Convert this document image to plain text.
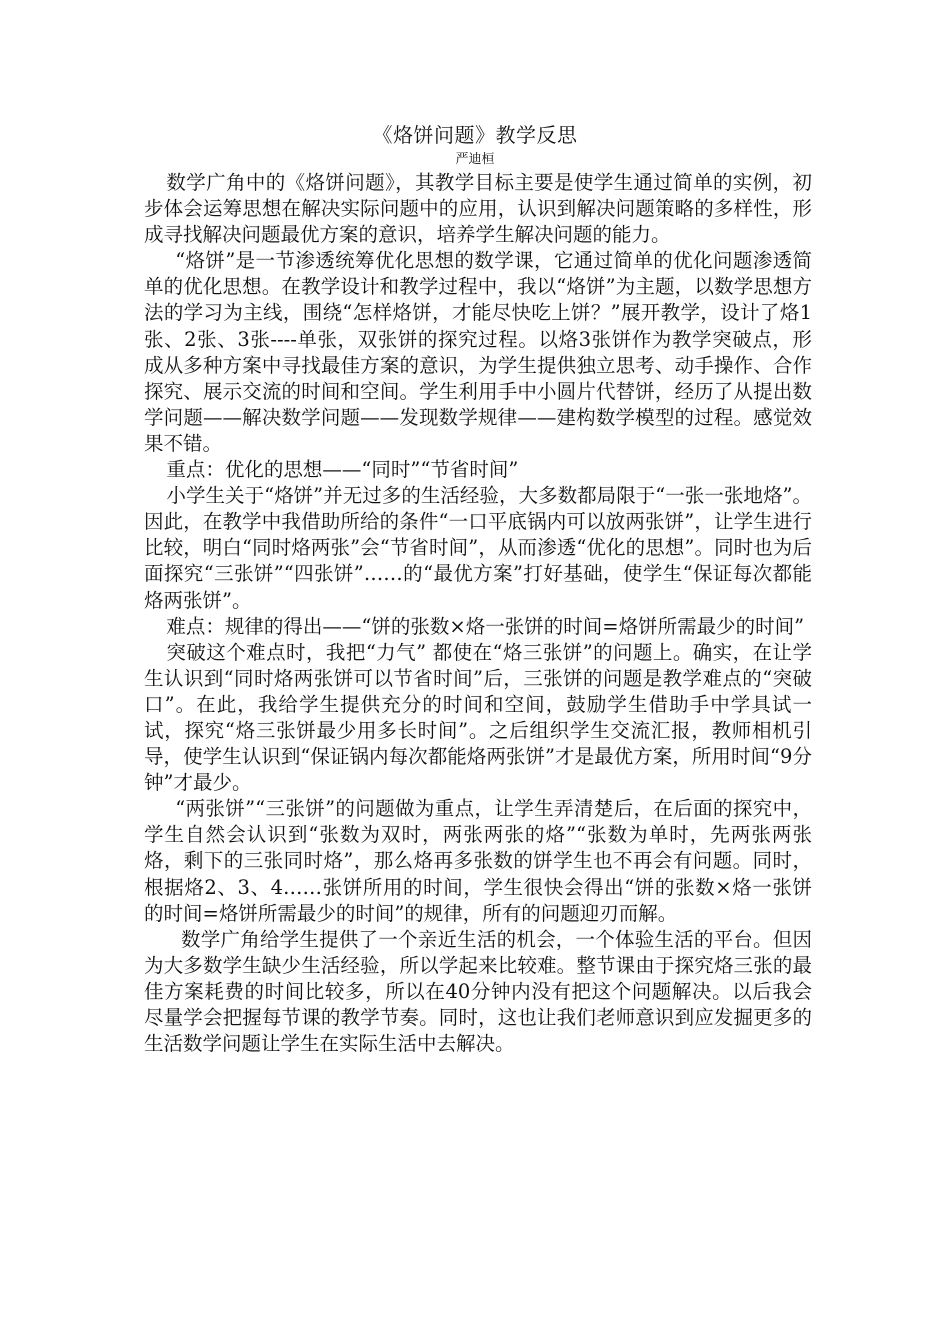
《烙饼问题》教学反思
严迪桓

数学广角中的《烙饼问题》，其教学目标主要是使学生通过简单的实例，初步体会运筹思想在解决实际问题中的应用，认识到解决问题策略的多样性，形成寻找解决问题最优方案的意识，培养学生解决问题的能力。

“烙饼”是一节渗透统筹优化思想的数学课，它通过简单的优化问题渗透简单的优化思想。在教学设计和教学过程中，我以“烙饼”为主题，以数学思想方法的学习为主线，围绕“怎样烙饼，才能尽快吃上饼？”展开教学，设计了烙1张、2张、3张----单张，双张饼的探究过程。以烙3张饼作为教学突破点，形成从多种方案中寻找最佳方案的意识，为学生提供独立思考、动手操作、合作探究、展示交流的时间和空间。学生利用手中小圆片代替饼，经历了从提出数学问题——解决数学问题——发现数学规律——建构数学模型的过程。感觉效果不错。

重点：优化的思想——“同时”“节省时间”

小学生关于“烙饼”并无过多的生活经验，大多数都局限于“一张一张地烙”。因此，在教学中我借助所给的条件“一口平底锅内可以放两张饼”，让学生进行比较，明白“同时烙两张”会“节省时间”，从而渗透“优化的思想”。同时也为后面探究“三张饼”“四张饼”……的“最优方案”打好基础，使学生“保证每次都能烙两张饼”。

难点：规律的得出——“饼的张数×烙一张饼的时间=烙饼所需最少的时间”

突破这个难点时，我把“力气” 都使在“烙三张饼”的问题上。确实，在让学生认识到“同时烙两张饼可以节省时间”后，三张饼的问题是教学难点的“突破口”。在此，我给学生提供充分的时间和空间，鼓励学生借助手中学具试一试，探究“烙三张饼最少用多长时间”。之后组织学生交流汇报，教师相机引导，使学生认识到“保证锅内每次都能烙两张饼”才是最优方案，所用时间“9分钟”才最少。

“两张饼”“三张饼”的问题做为重点，让学生弄清楚后，在后面的探究中，学生自然会认识到“张数为双时，两张两张的烙”“张数为单时，先两张两张烙，剩下的三张同时烙”，那么烙再多张数的饼学生也不再会有问题。同时，根据烙2、3、4……张饼所用的时间，学生很快会得出“饼的张数×烙一张饼的时间=烙饼所需最少的时间”的规律，所有的问题迎刃而解。

数学广角给学生提供了一个亲近生活的机会，一个体验生活的平台。但因为大多数学生缺少生活经验，所以学起来比较难。整节课由于探究烙三张的最佳方案耗费的时间比较多，所以在40分钟内没有把这个问题解决。以后我会尽量学会把握每节课的教学节奏。同时，这也让我们老师意识到应发掘更多的生活数学问题让学生在实际生活中去解决。
